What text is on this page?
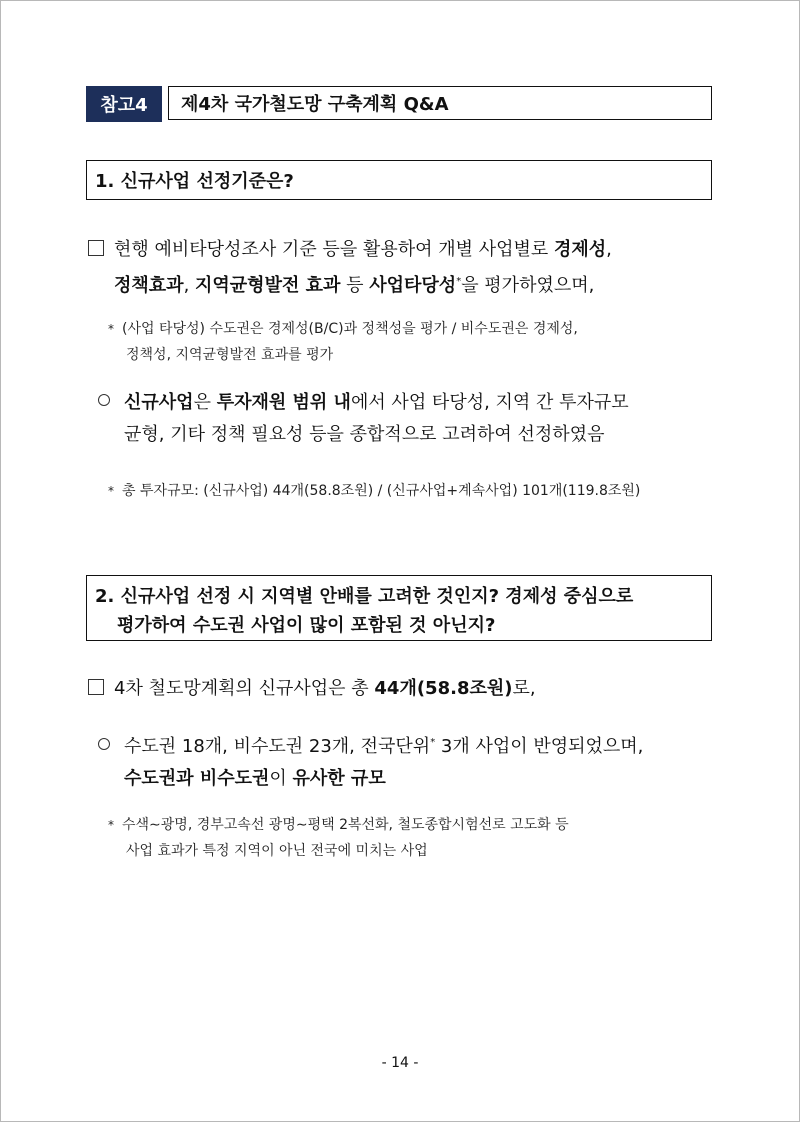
참고4	제4차 국가철도망 구축계획 Q&A
1. 신규사업 선정기준은?
현행 예비타당성조사 기준 등을 활용하여 개별 사업별로 경제성,
정책효과, 지역균형발전 효과 등 사업타당성*을 평가하였으며,
* (사업 타당성) 수도권은 경제성(B/C)과 정책성을 평가 / 비수도권은 경제성,
정책성, 지역균형발전 효과를 평가
신규사업은 투자재원 범위 내에서 사업 타당성, 지역 간 투자규모
균형, 기타 정책 필요성 등을 종합적으로 고려하여 선정하였음
* 총 투자규모: (신규사업) 44개(58.8조원) / (신규사업+계속사업) 101개(119.8조원)
2. 신규사업 선정 시 지역별 안배를 고려한 것인지? 경제성 중심으로
평가하여 수도권 사업이 많이 포함된 것 아닌지?
4차 철도망계획의 신규사업은 총 44개(58.8조원)로,
수도권 18개, 비수도권 23개, 전국단위* 3개 사업이 반영되었으며,
수도권과 비수도권이 유사한 규모
* 수색∼광명, 경부고속선 광명∼평택 2복선화, 철도종합시험선로 고도화 등
사업 효과가 특정 지역이 아닌 전국에 미치는 사업
- 14 -
